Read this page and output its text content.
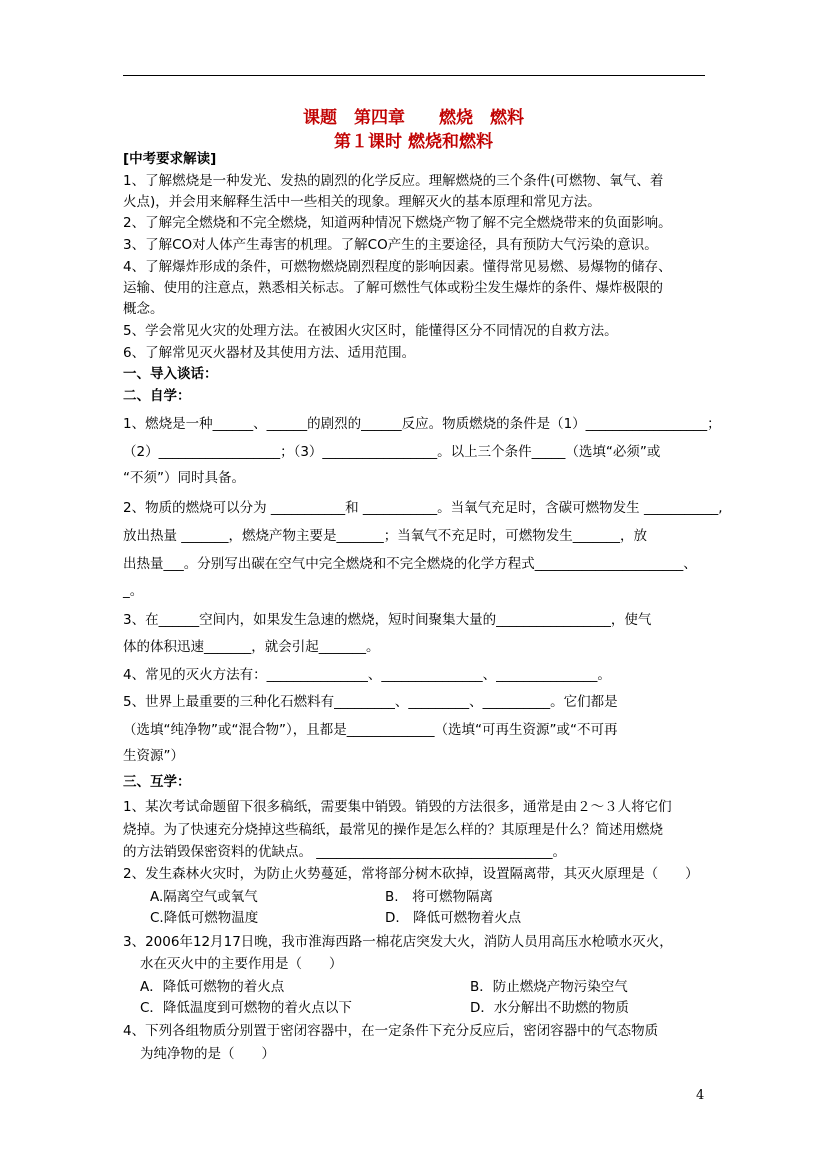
课题　第四章　　燃烧　燃料
第１课时 燃烧和燃料
[中考要求解读]
1、了解燃烧是一种发光、发热的剧烈的化学反应。理解燃烧的三个条件(可燃物、氧气、着
火点)，并会用来解释生活中一些相关的现象。理解灭火的基本原理和常见方法。
2、了解完全燃烧和不完全燃烧，知道两种情况下燃烧产物了解不完全燃烧带来的负面影响。
3、了解CO对人体产生毒害的机理。了解CO产生的主要途径，具有预防大气污染的意识。
4、了解爆炸形成的条件，可燃物燃烧剧烈程度的影响因素。懂得常见易燃、易爆物的储存、
运输、使用的注意点，熟悉相关标志。了解可燃性气体或粉尘发生爆炸的条件、爆炸极限的
概念。
5、学会常见火灾的处理方法。在被困火灾区时，能懂得区分不同情况的自救方法。
6、了解常见灭火器材及其使用方法、适用范围。
一、导入谈话：
二、自学：
1、燃烧是一种______、______的剧烈的______反应。物质燃烧的条件是（1）__________________；
（2）__________________；（3）_________________。以上三个条件_____（选填“必须”或
“不须”）同时具备。
2、物质的燃烧可以分为 ___________和 ___________。当氧气充足时，含碳可燃物发生 ___________,
放出热量 _______，燃烧产物主要是_______；当氧气不充足时，可燃物发生_______，放
出热量___。分别写出碳在空气中完全燃烧和不完全燃烧的化学方程式______________________、
_。
3、在______空间内，如果发生急速的燃烧，短时间聚集大量的_________________，使气
体的体积迅速_______，就会引起_______。
4、常见的灭火方法有：_______________、_______________、_______________。
5、世界上最重要的三种化石燃料有_________、_________、__________。它们都是
（选填“纯净物”或“混合物”），且都是_____________（选填“可再生资源”或“不可再
生资源”）
三、互学：
1、某次考试命题留下很多稿纸，需要集中销毁。销毁的方法很多，通常是由２～３人将它们
烧掉。为了快速充分烧掉这些稿纸，最常见的操作是怎么样的？其原理是什么？简述用燃烧
的方法销毁保密资料的优缺点。 ___________________________________。
2、发生森林火灾时，为防止火势蔓延，常将部分树木砍掉，设置隔离带，其灭火原理是（　　）
A.隔离空气或氧气	B.　将可燃物隔离
C.降低可燃物温度	D.　降低可燃物着火点
3、2006年12月17日晚，我市淮海西路一棉花店突发大火，消防人员用高压水枪喷水灭火，
水在灭火中的主要作用是（　　）
A．降低可燃物的着火点	B．防止燃烧产物污染空气
C．降低温度到可燃物的着火点以下	D．水分解出不助燃的物质
4、下列各组物质分别置于密闭容器中，在一定条件下充分反应后，密闭容器中的气态物质
为纯净物的是（　　）
4
